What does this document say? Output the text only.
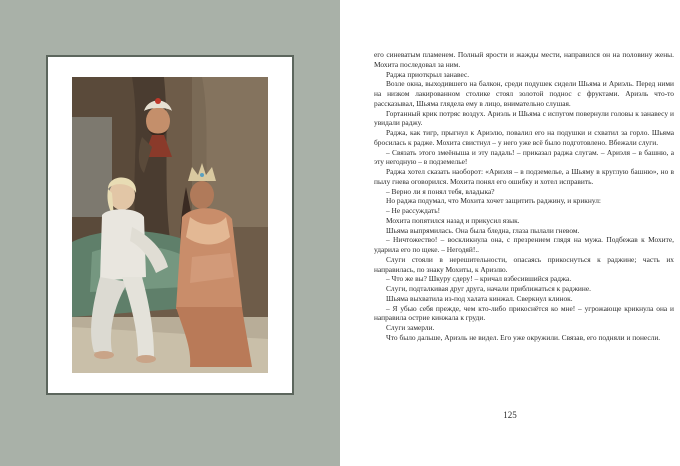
его синеватым пламенем. Полный ярости и жажды мести, направился он на половину жены. Мохита последовал за ним.

Раджа приоткрыл занавес.

Возле окна, выходившего на балкон, среди подушек сидели Шьяма и Ариэль. Перед ними на низком лакированном столике стоял золотой поднос с фруктами. Ариэль что-то рассказывал, Шьяма глядела ему в лицо, внимательно слушая.

Гортанный крик потряс воздух. Ариэль и Шьяма с испугом повернули головы к занавесу и увидали раджу.

Раджа, как тигр, прыгнул к Ариэлю, повалил его на подушки и схватил за горло. Шьяма бросилась к радже. Мохита свистнул – у него уже всё было подготовлено. Вбежали слуги.

– Связать этого змеёныша и эту падаль! – приказал раджа слугам. – Ариэля – в башню, а эту негодную – в подземелье!

Раджа хотел сказать наоборот: «Ариэля – в подземелье, а Шьяму в круглую башню», но в пылу гнева оговорился. Мохита понял его ошибку и хотел исправить.

– Верно ли я понял тебя, владыка?

Но раджа подумал, что Мохита хочет защитить раджину, и крикнул:

– Не рассуждать!

Мохита попятился назад и прикусил язык.

Шьяма выпрямилась. Она была бледна, глаза пылали гневом.

– Ничтожество! – воскликнула она, с презрением глядя на мужа. Подбежав к Мохите, ударила его по щеке. – Негодяй!..

Слуги стояли в нерешительности, опасаясь прикоснуться к раджине; часть их направилась, по знаку Мохиты, к Ариэлю.

– Что же вы? Шкуру сдеру! – кричал взбесившийся раджа.

Слуги, подталкивая друг друга, начали приближаться к раджине.

Шьяма выхватила из-под халата кинжал. Сверкнул клинок.

– Я убью себя прежде, чем кто-либо прикоснётся ко мне! – угрожающе крикнула она и направила острие кинжала к груди.

Слуги замерли.

Что было дальше, Ариэль не видел. Его уже окружили. Связав, его подняли и понесли.

125
